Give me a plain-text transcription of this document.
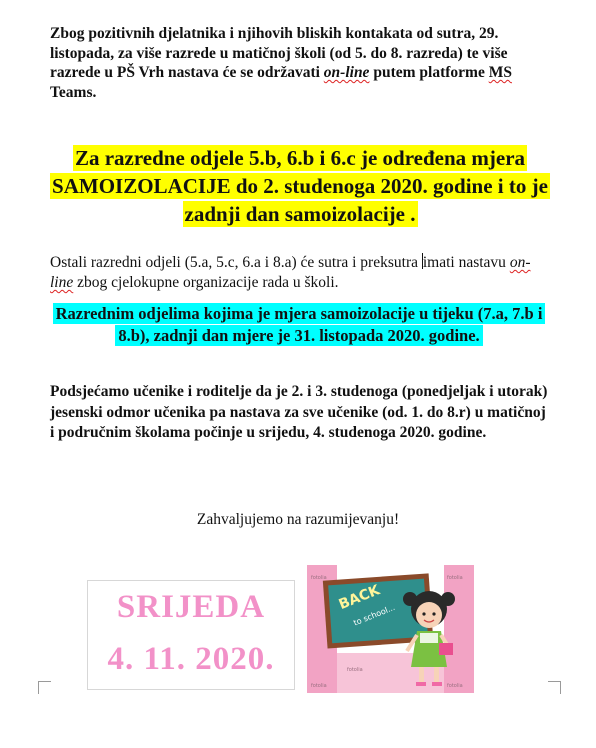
Zbog pozitivnih djelatnika i njihovih bliskih kontakata od sutra, 29. listopada, za više razrede u matičnoj školi (od 5. do 8. razreda) te više razrede u PŠ Vrh nastava će se održavati on-line putem platforme MS Teams.

Za razredne odjele 5.b, 6.b i 6.c je određena mjera SAMOIZOLACIJE do 2. studenoga 2020. godine i to je zadnji dan samoizolacije .

Ostali razredni odjeli (5.a, 5.c, 6.a i 8.a) će sutra i preksutra imati nastavu on-line zbog cjelokupne organizacije rada u školi.

Razrednim odjelima kojima je mjera samoizolacije u tijeku (7.a, 7.b i 8.b), zadnji dan mjere je 31. listopada 2020. godine.

Podsjećamo učenike i roditelje da je 2. i 3. studenoga (ponedjeljak i utorak) jesenski odmor učenika pa nastava za sve učenike (od. 1. do 8.r) u matičnoj i područnim školama počinje u srijedu, 4. studenoga 2020. godine.

Zahvaljujemo na razumijevanju!
SRIJEDA
4. 11. 2020.
BACK
to school...
fotolia	fotolia
fotolia
fotolia	fotolia
